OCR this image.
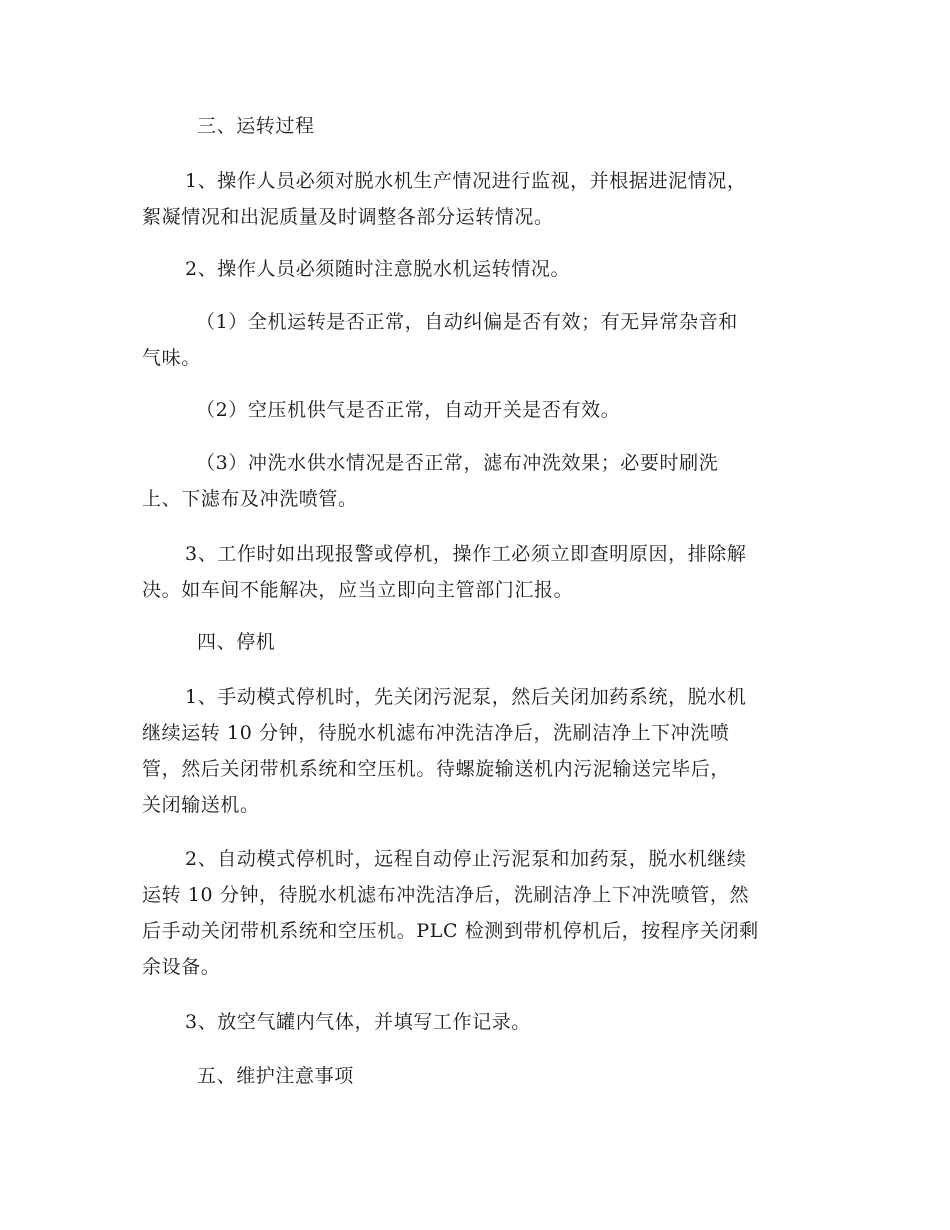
三、运转过程

1、操作人员必须对脱水机生产情况进行监视，并根据进泥情况，

絮凝情况和出泥质量及时调整各部分运转情况。

2、操作人员必须随时注意脱水机运转情况。

（1）全机运转是否正常，自动纠偏是否有效；有无异常杂音和

气味。

（2）空压机供气是否正常，自动开关是否有效。

（3）冲洗水供水情况是否正常，滤布冲洗效果；必要时刷洗

上、下滤布及冲洗喷管。

3、工作时如出现报警或停机，操作工必须立即查明原因，排除解

决。如车间不能解决，应当立即向主管部门汇报。

四、停机

1、手动模式停机时，先关闭污泥泵，然后关闭加药系统，脱水机

继续运转 10 分钟，待脱水机滤布冲洗洁净后，洗刷洁净上下冲洗喷

管，然后关闭带机系统和空压机。待螺旋输送机内污泥输送完毕后，

关闭输送机。

2、自动模式停机时，远程自动停止污泥泵和加药泵，脱水机继续

运转 10 分钟，待脱水机滤布冲洗洁净后，洗刷洁净上下冲洗喷管，然

后手动关闭带机系统和空压机。PLC 检测到带机停机后，按程序关闭剩

余设备。

3、放空气罐内气体，并填写工作记录。

五、维护注意事项
